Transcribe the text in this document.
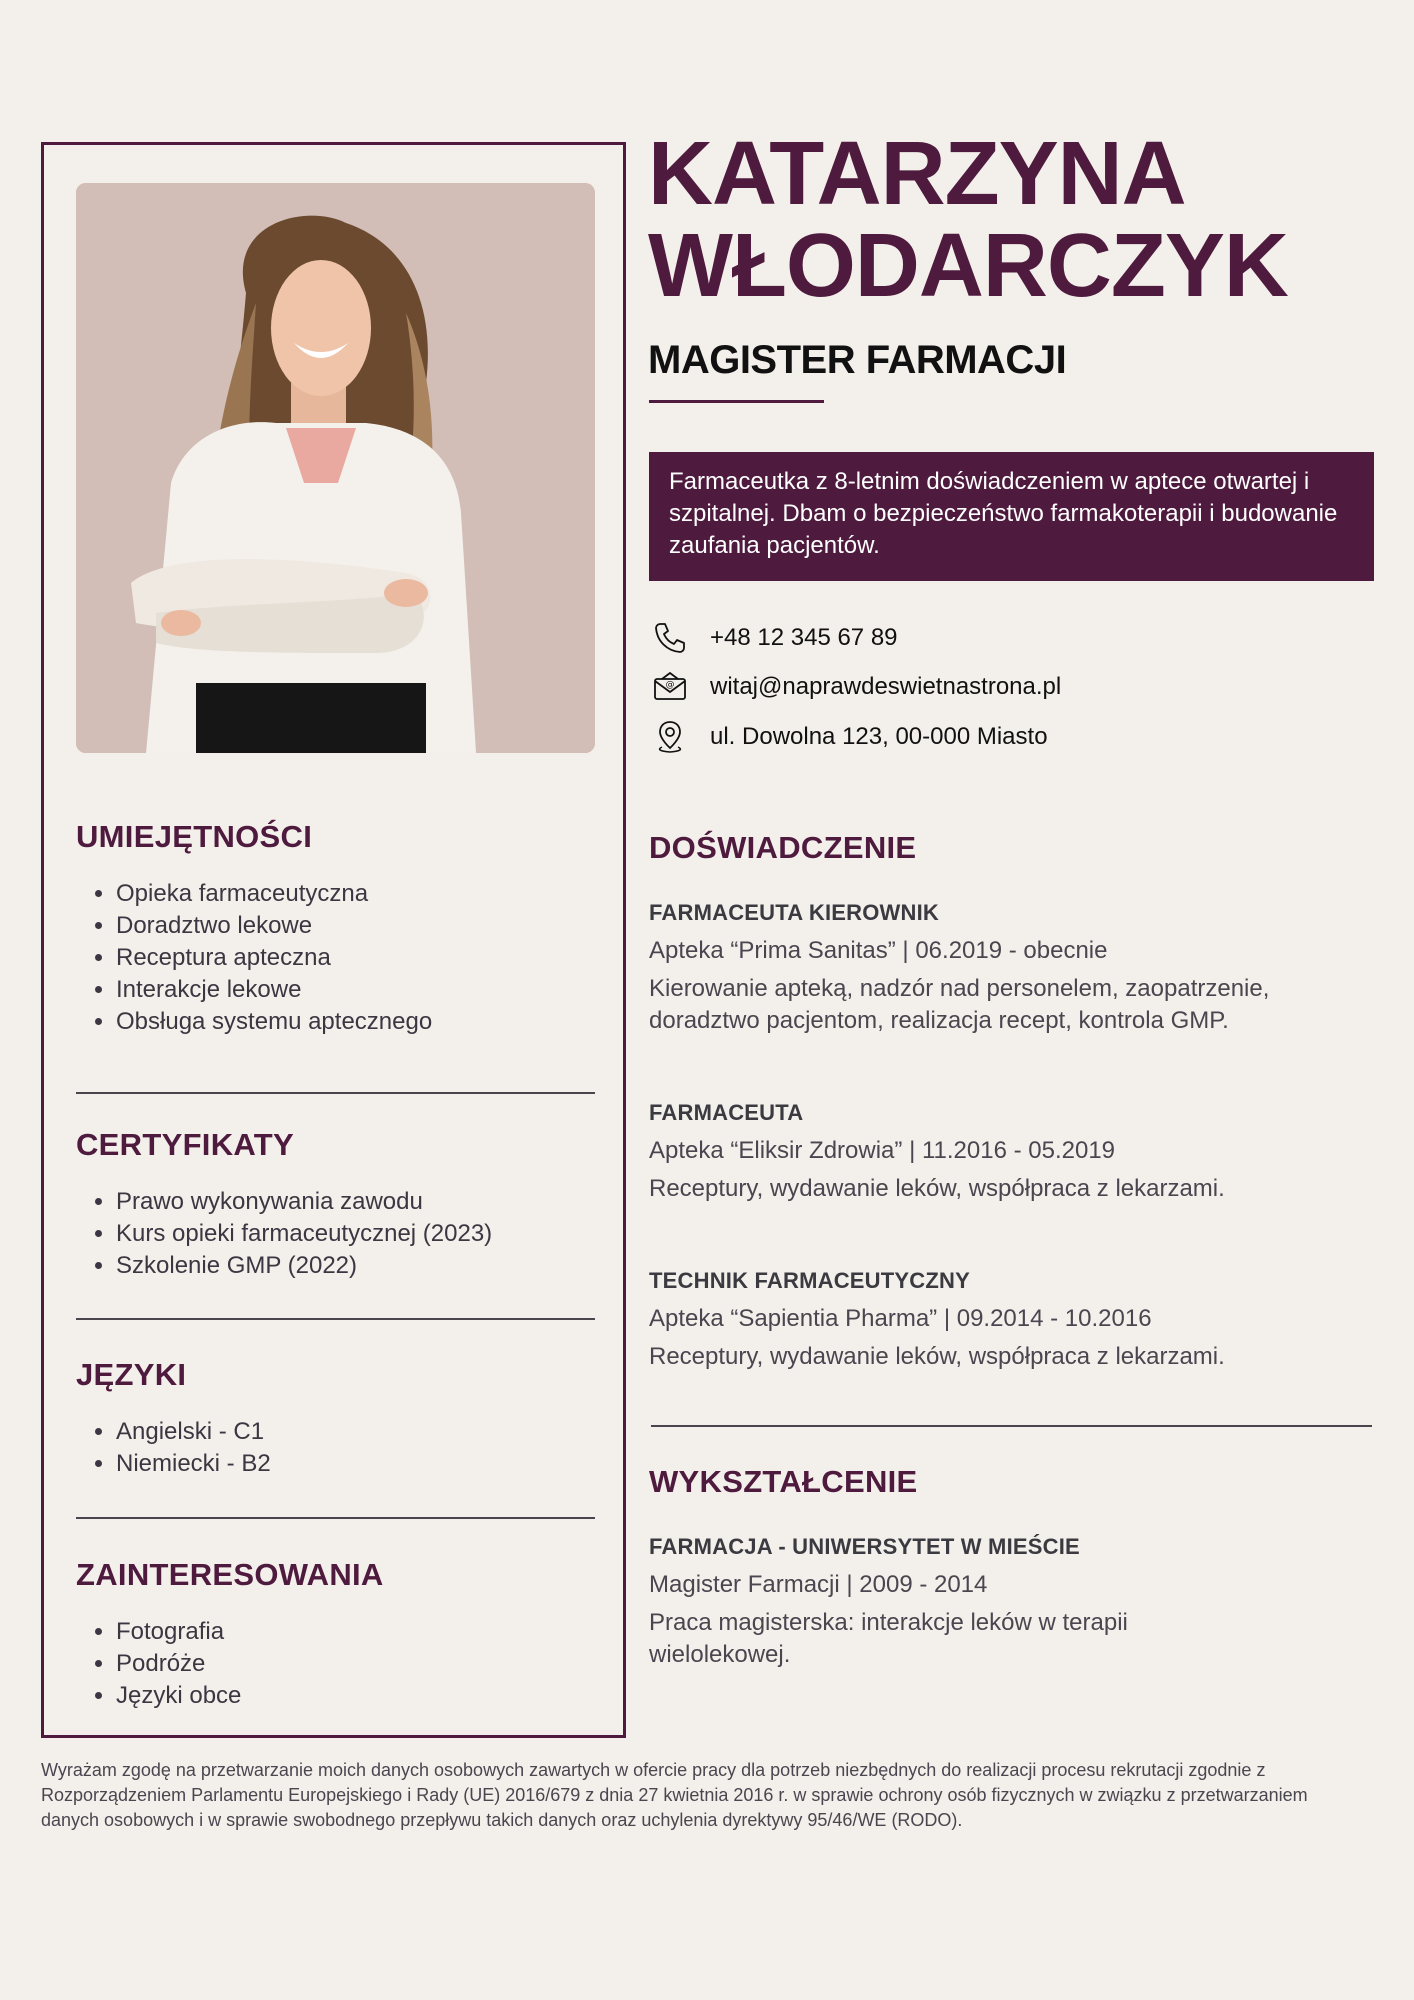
UMIEJĘTNOŚCI
• Opieka farmaceutyczna
• Doradztwo lekowe
• Receptura apteczna
• Interakcje lekowe
• Obsługa systemu aptecznego
CERTYFIKATY
• Prawo wykonywania zawodu
• Kurs opieki farmaceutycznej (2023)
• Szkolenie GMP (2022)
JĘZYKI
• Angielski - C1
• Niemiecki - B2
ZAINTERESOWANIA
• Fotografia
• Podróże
• Języki obce
KATARZYNA
WŁODARCZYK
MAGISTER FARMACJI
Farmaceutka z 8-letnim doświadczeniem w aptece otwartej i szpitalnej. Dbam o bezpieczeństwo farmakoterapii i budowanie zaufania pacjentów.
+48 12 345 67 89
@ witaj@naprawdeswietnastrona.pl
ul. Dowolna 123, 00-000 Miasto
DOŚWIADCZENIE
FARMACEUTA KIEROWNIK
Apteka “Prima Sanitas” | 06.2019 - obecnie
Kierowanie apteką, nadzór nad personelem, zaopatrzenie, doradztwo pacjentom, realizacja recept, kontrola GMP.
FARMACEUTA
Apteka “Eliksir Zdrowia” | 11.2016 - 05.2019
Receptury, wydawanie leków, współpraca z lekarzami.
TECHNIK FARMACEUTYCZNY
Apteka “Sapientia Pharma” | 09.2014 - 10.2016
Receptury, wydawanie leków, współpraca z lekarzami.
WYKSZTAŁCENIE
FARMACJA - UNIWERSYTET W MIEŚCIE
Magister Farmacji | 2009 - 2014
Praca magisterska: interakcje leków w terapii wielolekowej.
Wyrażam zgodę na przetwarzanie moich danych osobowych zawartych w ofercie pracy dla potrzeb niezbędnych do realizacji procesu rekrutacji zgodnie z Rozporządzeniem Parlamentu Europejskiego i Rady (UE) 2016/679 z dnia 27 kwietnia 2016 r. w sprawie ochrony osób fizycznych w związku z przetwarzaniem danych osobowych i w sprawie swobodnego przepływu takich danych oraz uchylenia dyrektywy 95/46/WE (RODO).
